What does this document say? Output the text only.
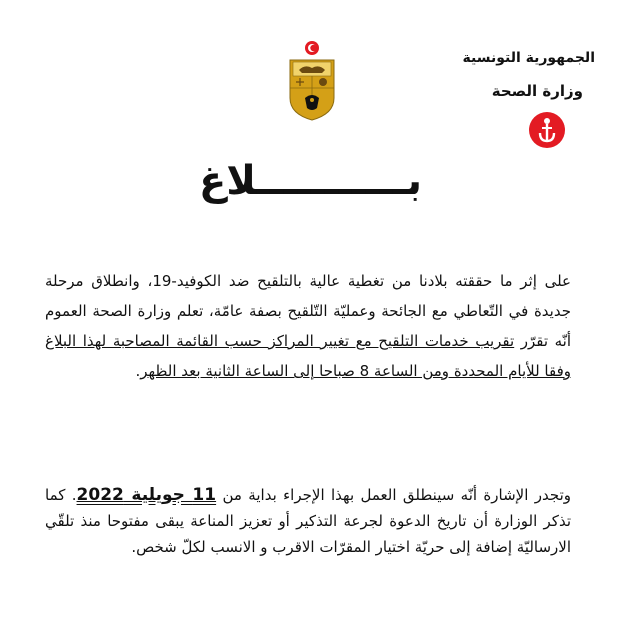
الجمهورية التونسية
وزارة الصحة
بـــــــــــلاغ
على إثر ما حققته بلادنا من تغطية عالية بالتلقيح ضد الكوفيد-19، وانطلاق مرحلة جديدة في التّعاطي مع الجائحة وعمليّة التّلقيح بصفة عامّة، تعلم وزارة الصحة العموم أنّه تقرّر تقريب خدمات التلقيح مع تغيير المراكز حسب القائمة المصاحبة لهذا البلاغ وفقا للأيام المحددة ومن الساعة 8 صباحا إلى الساعة الثانية بعد الظهر.
وتجدر الإشارة أنّه سينطلق العمل بهذا الإجراء بداية من 11 جويلية 2022. كما تذكر الوزارة أن تاريخ الدعوة لجرعة التذكير أو تعزيز المناعة يبقى مفتوحا منذ تلقّي الارساليّة إضافة إلى حريّة اختيار المقرّات الاقرب و الانسب لكلّ شخص.
